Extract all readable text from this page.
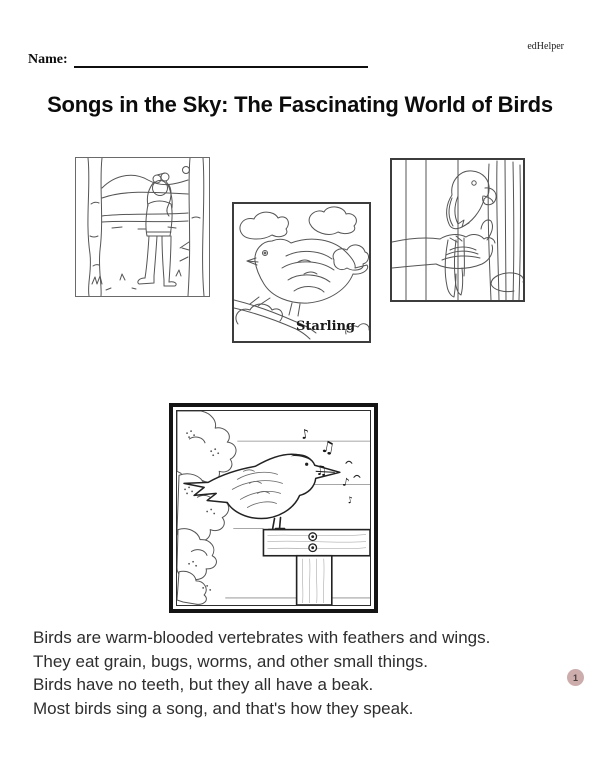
edHelper
Name:
Songs in the Sky: The Fascinating World of Birds
Starling
♪
♫
♫
♪
♪
Birds are warm-blooded vertebrates with feathers and wings.
They eat grain, bugs, worms, and other small things.
Birds have no teeth, but they all have a beak.
Most birds sing a song, and that's how they speak.
1
